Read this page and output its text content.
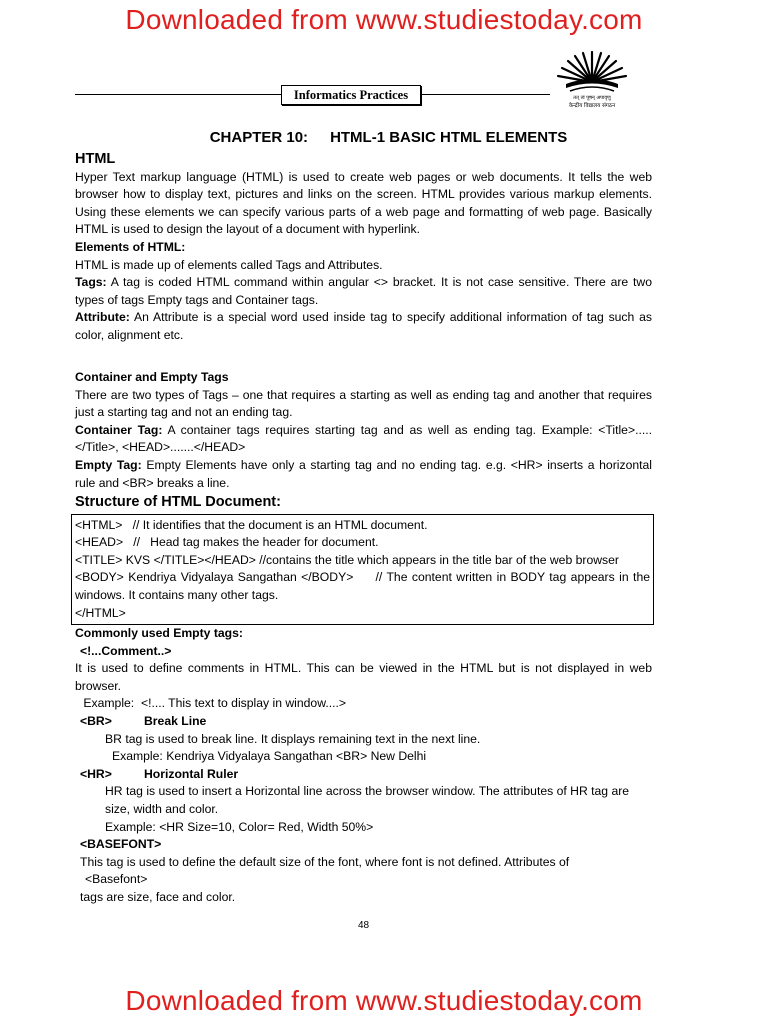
Downloaded from www.studiestoday.com
Informatics Practices	तत् त्वं पूषन् अपावृणु
केन्द्रीय विद्यालय संगठन
CHAPTER 10: HTML-1 BASIC HTML ELEMENTS
HTML
Hyper Text markup language (HTML) is used to create web pages or web documents. It tells the web browser how to display text, pictures and links on the screen. HTML provides various markup elements. Using these elements we can specify various parts of a web page and formatting of web page. Basically HTML is used to design the layout of a document with hyperlink.
Elements of HTML:
HTML is made up of elements called Tags and Attributes.
Tags: A tag is coded HTML command within angular <> bracket. It is not case sensitive. There are two types of tags Empty tags and Container tags.
Attribute: An Attribute is a special word used inside tag to specify additional information of tag such as color, alignment etc.
Container and Empty Tags
There are two types of Tags – one that requires a starting as well as ending tag and another that requires just a starting tag and not an ending tag.
Container Tag: A container tags requires starting tag and as well as ending tag. Example: <Title>.....</Title>, <HEAD>.......</HEAD>
Empty Tag: Empty Elements have only a starting tag and no ending tag. e.g. <HR> inserts a horizontal rule and <BR> breaks a line.
Structure of HTML Document:
<HTML>   // It identifies that the document is an HTML document.
<HEAD>   //   Head tag makes the header for document.
<TITLE> KVS </TITLE></HEAD> //contains the title which appears in the title bar of the web browser
<BODY> Kendriya Vidyalaya Sangathan </BODY>     // The content written in BODY tag appears in the windows. It contains many other tags.
</HTML>
Commonly used Empty tags:
<!...Comment..>
It is used to define comments in HTML. This can be viewed in the HTML but is not displayed in web browser.
Example:  <!.... This text to display in window....>
<BR>	Break Line
BR tag is used to break line. It displays remaining text in the next line.
Example: Kendriya Vidyalaya Sangathan <BR> New Delhi
<HR>	Horizontal Ruler
HR tag is used to insert a Horizontal line across the browser window. The attributes of HR tag are size, width and color.
Example: <HR Size=10, Color= Red, Width 50%>
<BASEFONT>
This tag is used to define the default size of the font, where font is not defined. Attributes of
<Basefont>
tags are size, face and color.
48
Downloaded from www.studiestoday.com
